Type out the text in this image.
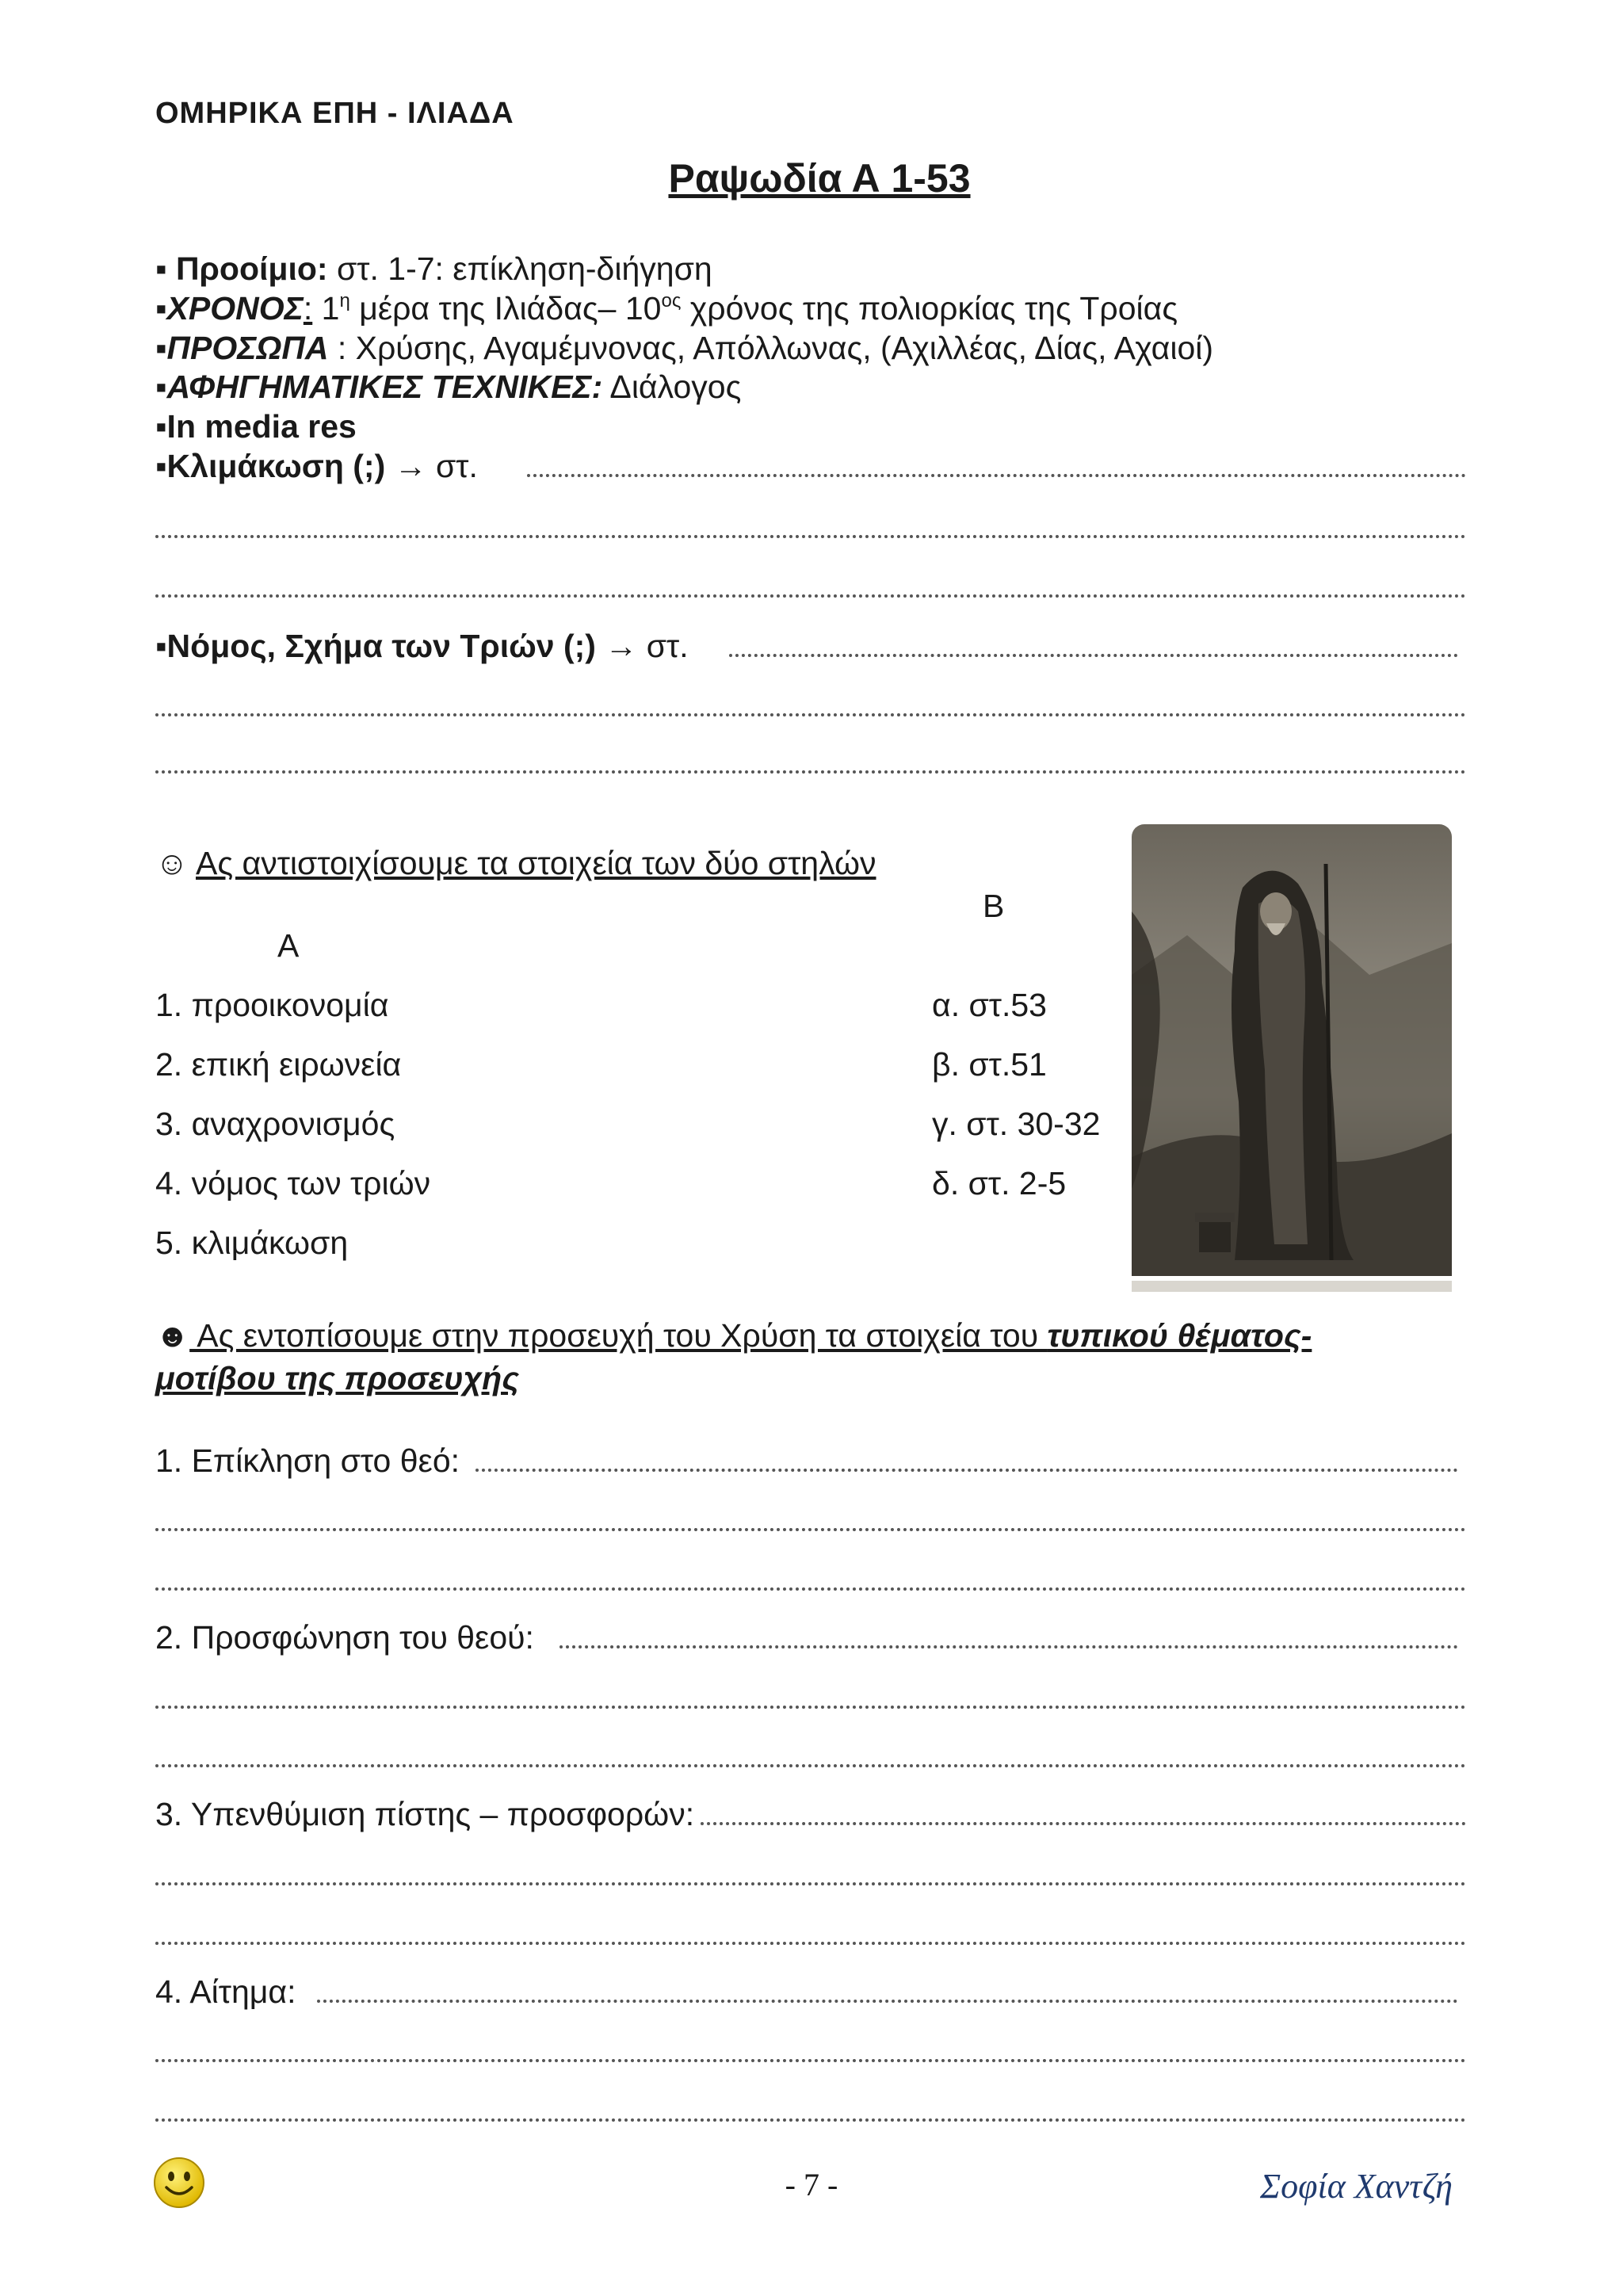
ΟΜΗΡΙΚΑ ΕΠΗ - ΙΛΙΑΔΑ
Ραψωδία Α 1-53
▪ Προοίμιο: στ. 1-7: επίκληση-διήγηση
▪ΧΡΟΝΟΣ: $1^\eta$ μέρα της Ιλιάδας– $10^{o\varsigma}$ χρόνος της πολιορκίας της Τροίας
▪ΠΡΟΣΩΠΑ : Χρύσης, Αγαμέμνονας, Απόλλωνας, (Αχιλλέας, Δίας, Αχαιοί)
▪ΑΦΗΓΗΜΑΤΙΚΕΣ ΤΕΧΝΙΚΕΣ: Διάλογος
▪In media res
▪Κλιμάκωση (;) → στ.
▪Νόμος, Σχήμα των Τριών (;) → στ.
☺ Ας αντιστοιχίσουμε τα στοιχεία των δύο στηλών
Β
Α
1. προοικονομία
2. επική ειρωνεία
3. αναχρονισμός
4. νόμος των τριών
5. κλιμάκωση
α. στ.53
β. στ.51
γ. στ. 30-32
δ. στ. 2-5
☻ Ας εντοπίσουμε στην προσευχή του Χρύση τα στοιχεία του τυπικού θέματος-
μοτίβου της προσευχής
1. Επίκληση στο θεό:
2. Προσφώνηση του θεού:
3. Υπενθύμιση πίστης – προσφορών:
4. Αίτημα:
- 7 -	Σοφία Χαντζή
